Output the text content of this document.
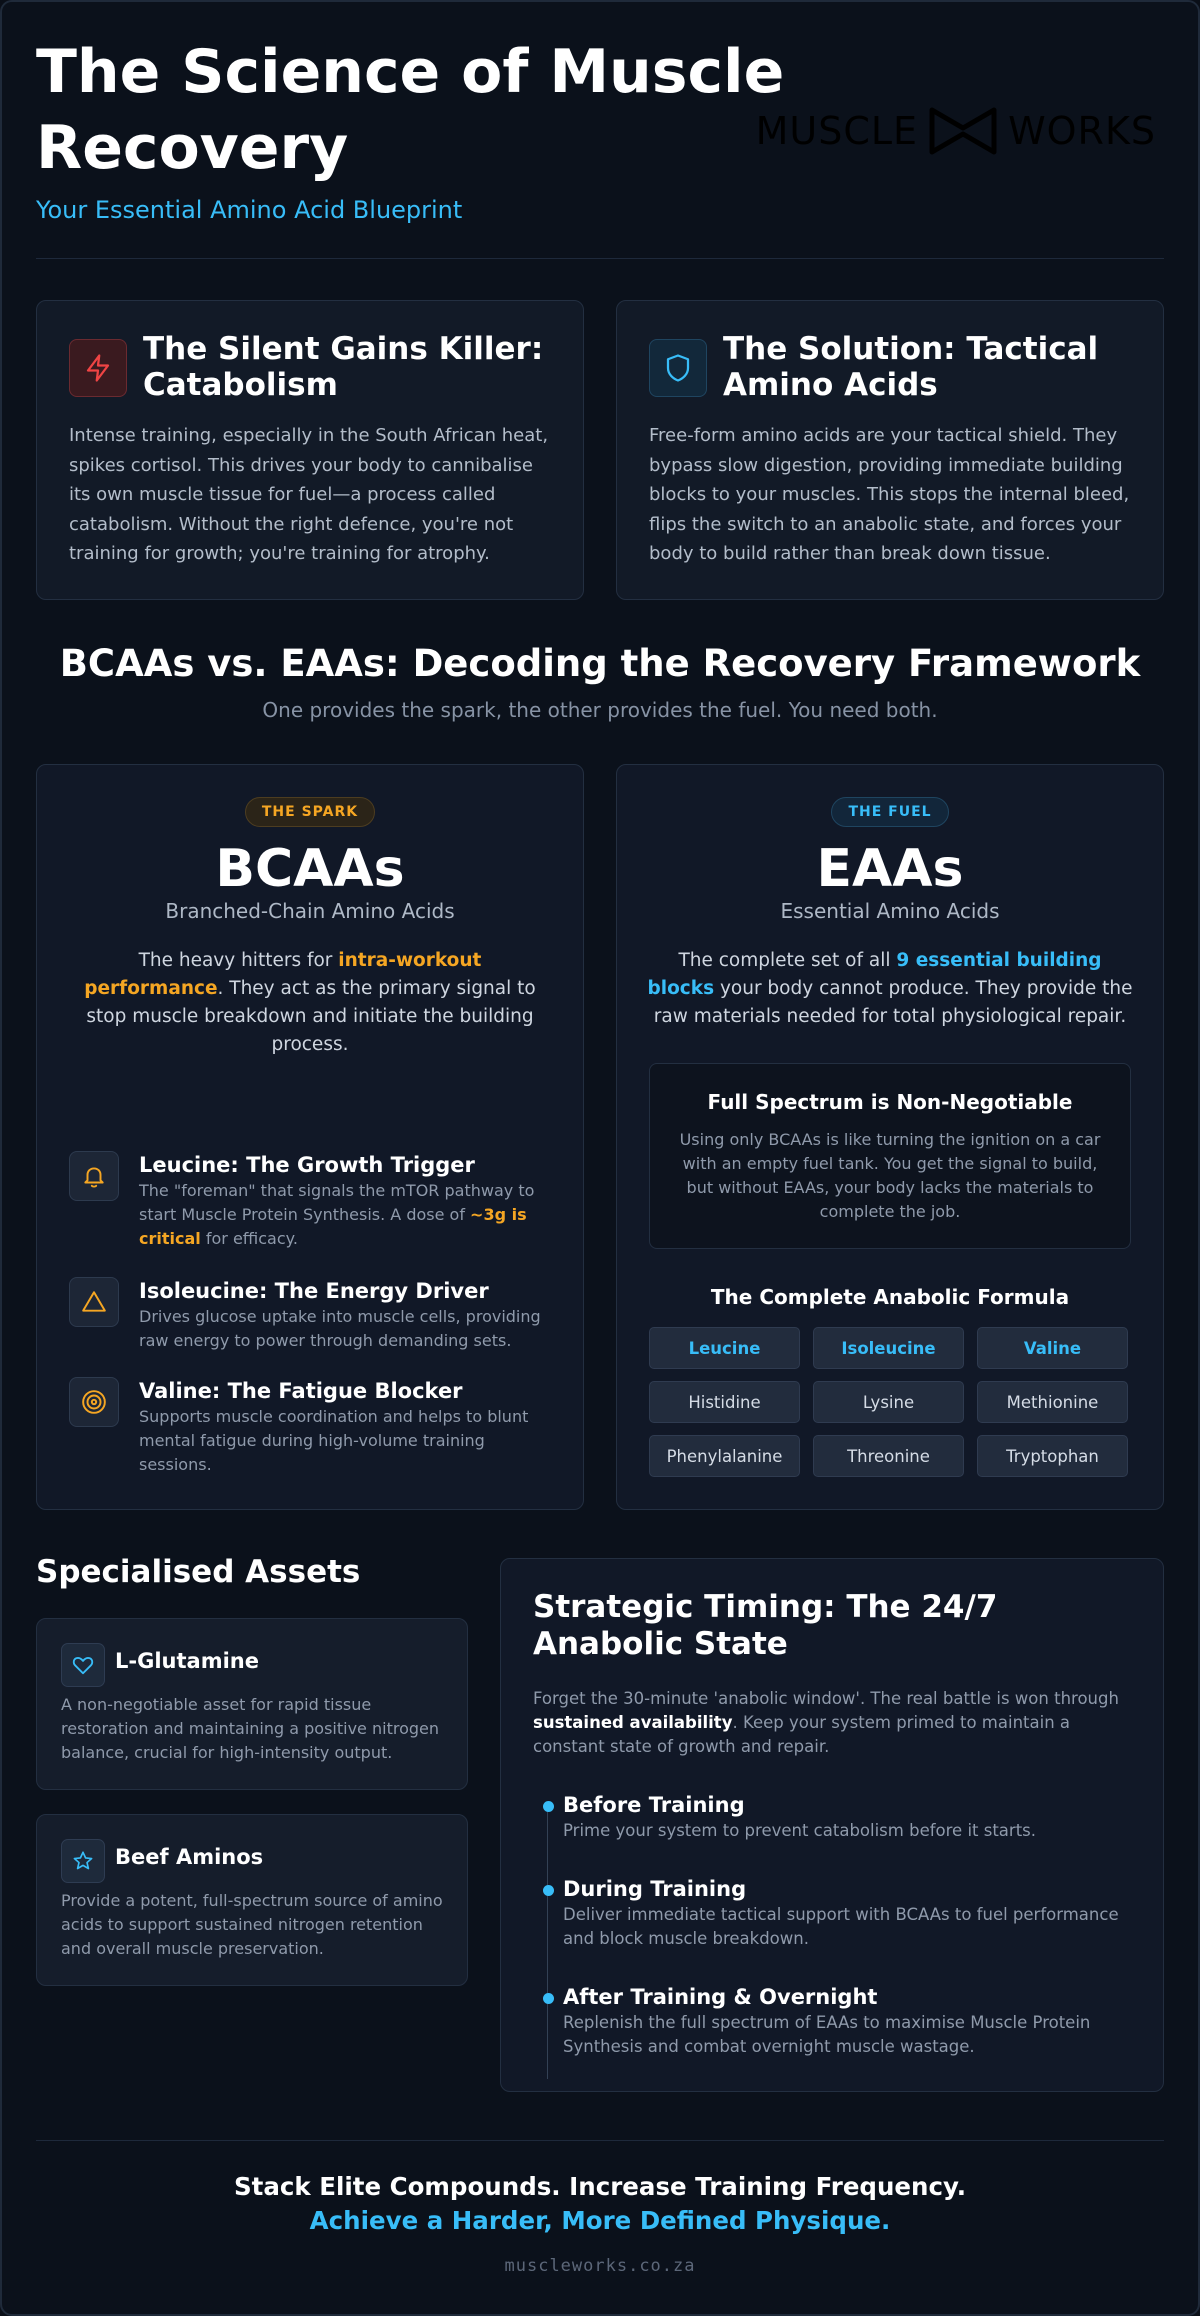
The Science of Muscle Recovery
Your Essential Amino Acid Blueprint
MUSCLE WORKS
The Silent Gains Killer: Catabolism
Intense training, especially in the South African heat, spikes cortisol. This drives your body to cannibalise its own muscle tissue for fuel—a process called catabolism. Without the right defence, you're not training for growth; you're training for atrophy.
The Solution: Tactical Amino Acids
Free-form amino acids are your tactical shield. They bypass slow digestion, providing immediate building blocks to your muscles. This stops the internal bleed, flips the switch to an anabolic state, and forces your body to build rather than break down tissue.
BCAAs vs. EAAs: Decoding the Recovery Framework
One provides the spark, the other provides the fuel. You need both.
THE SPARK
BCAAs
Branched-Chain Amino Acids
The heavy hitters for intra-workout performance. They act as the primary signal to stop muscle breakdown and initiate the building process.
Leucine: The Growth Trigger
The "foreman" that signals the mTOR pathway to start Muscle Protein Synthesis. A dose of ~3g is critical for efficacy.
Isoleucine: The Energy Driver
Drives glucose uptake into muscle cells, providing raw energy to power through demanding sets.
Valine: The Fatigue Blocker
Supports muscle coordination and helps to blunt mental fatigue during high-volume training sessions.
THE FUEL
EAAs
Essential Amino Acids
The complete set of all 9 essential building blocks your body cannot produce. They provide the raw materials needed for total physiological repair.
Full Spectrum is Non-Negotiable
Using only BCAAs is like turning the ignition on a car with an empty fuel tank. You get the signal to build, but without EAAs, your body lacks the materials to complete the job.
The Complete Anabolic Formula
Leucine	Isoleucine	Valine
Histidine	Lysine	Methionine
Phenylalanine	Threonine	Tryptophan
Specialised Assets
L-Glutamine
A non-negotiable asset for rapid tissue restoration and maintaining a positive nitrogen balance, crucial for high-intensity output.
Beef Aminos
Provide a potent, full-spectrum source of amino acids to support sustained nitrogen retention and overall muscle preservation.
Strategic Timing: The 24/7 Anabolic State
Forget the 30-minute 'anabolic window'. The real battle is won through sustained availability. Keep your system primed to maintain a constant state of growth and repair.
Before Training
Prime your system to prevent catabolism before it starts.
During Training
Deliver immediate tactical support with BCAAs to fuel performance and block muscle breakdown.
After Training & Overnight
Replenish the full spectrum of EAAs to maximise Muscle Protein Synthesis and combat overnight muscle wastage.
Stack Elite Compounds. Increase Training Frequency.
Achieve a Harder, More Defined Physique.
muscleworks.co.za
